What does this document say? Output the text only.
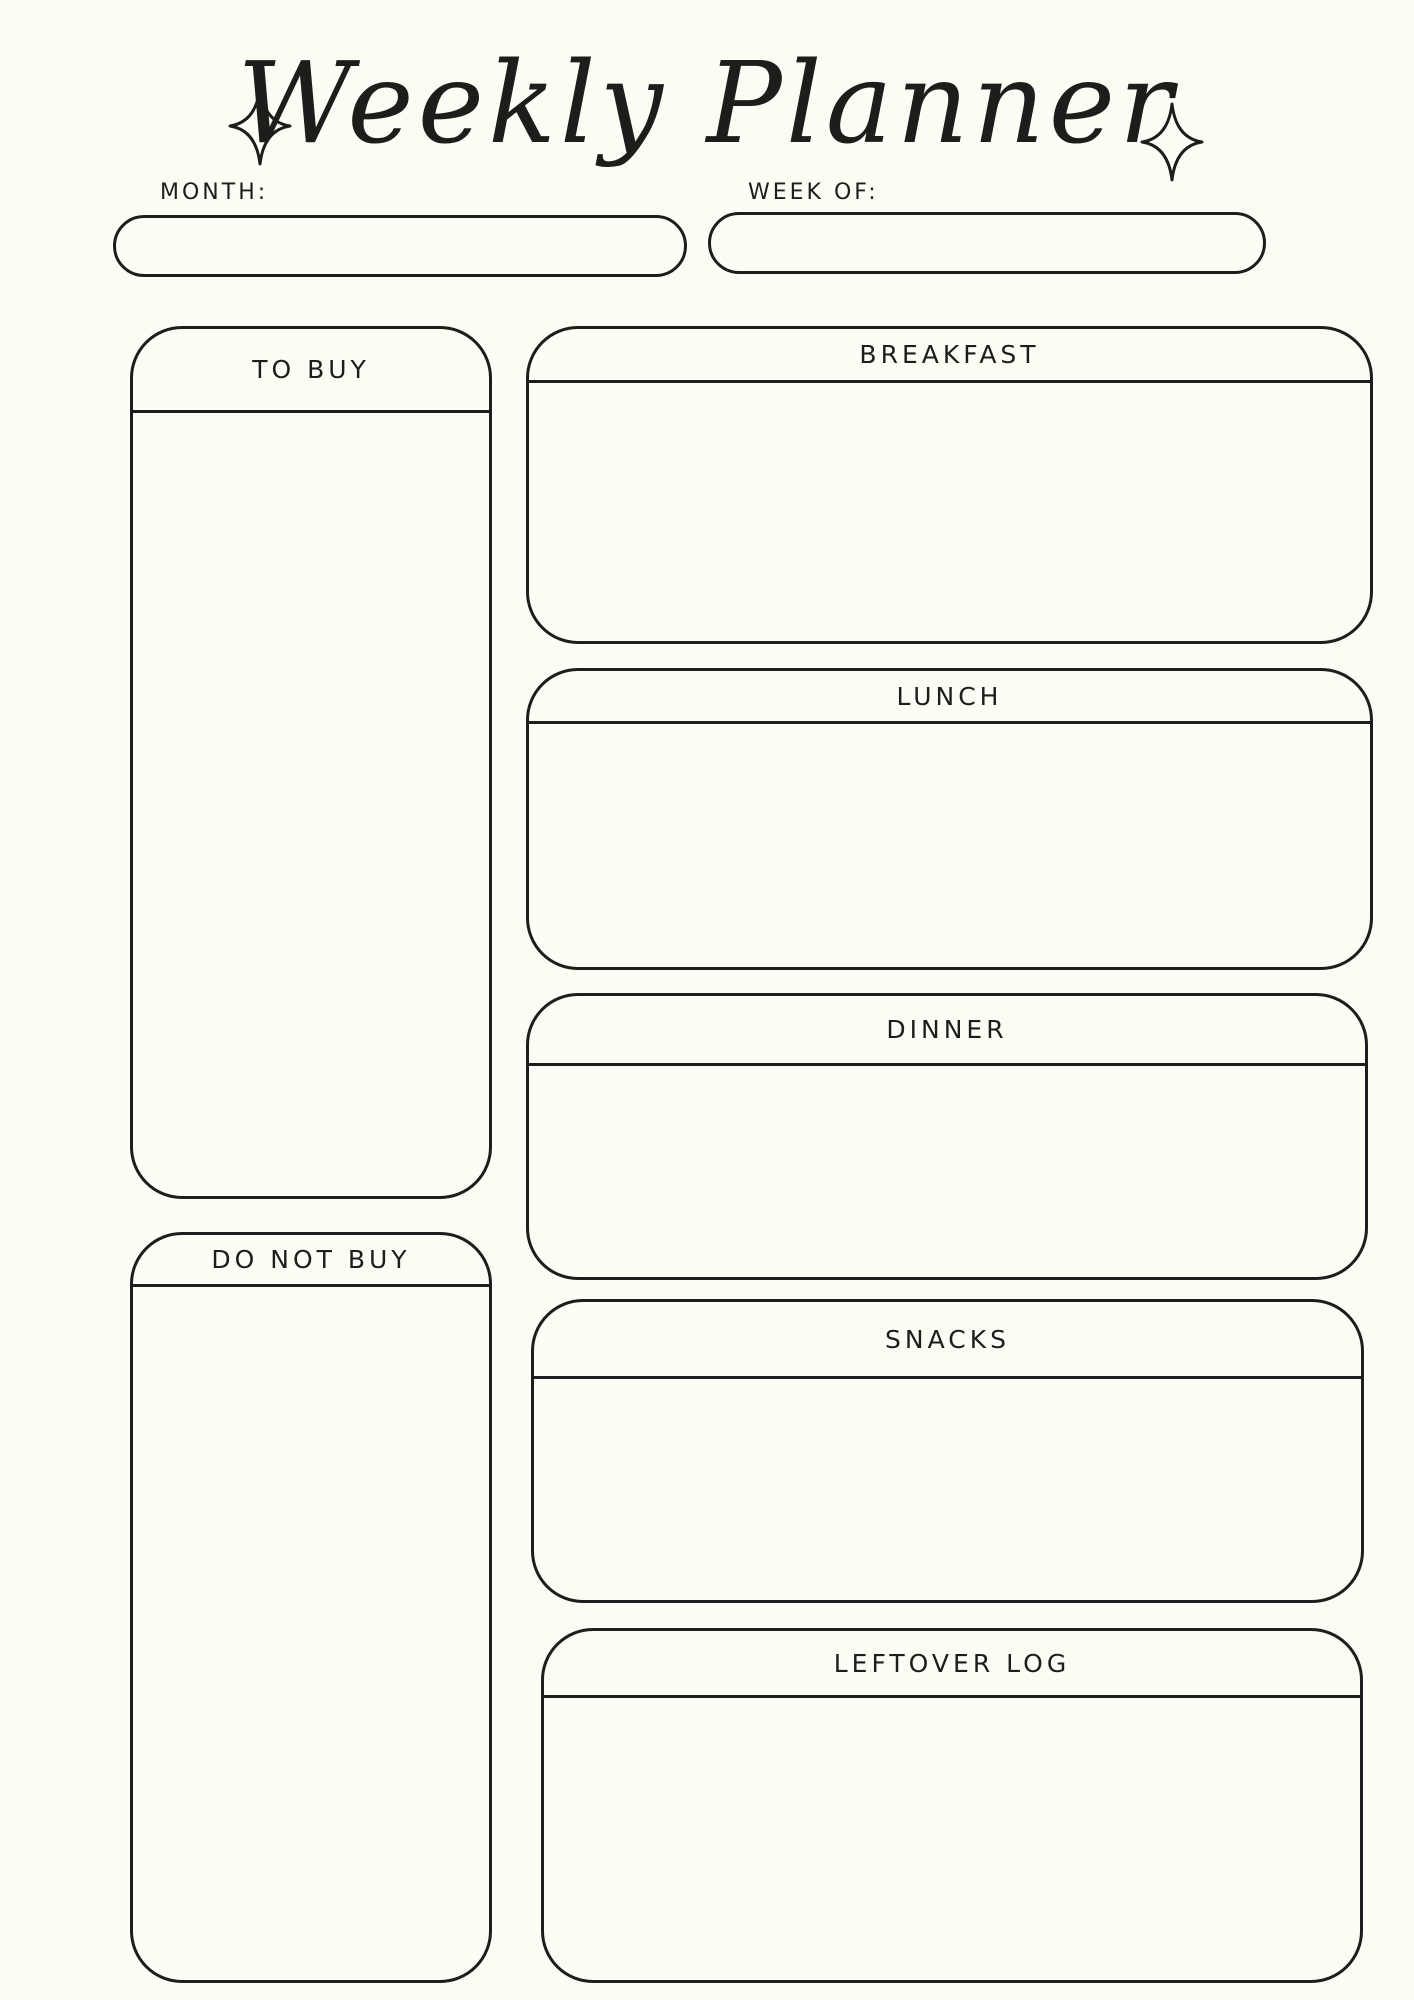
Weekly Planner
MONTH:	WEEK OF:
TO BUY
DO NOT BUY
BREAKFAST
LUNCH
DINNER
SNACKS
LEFTOVER LOG
